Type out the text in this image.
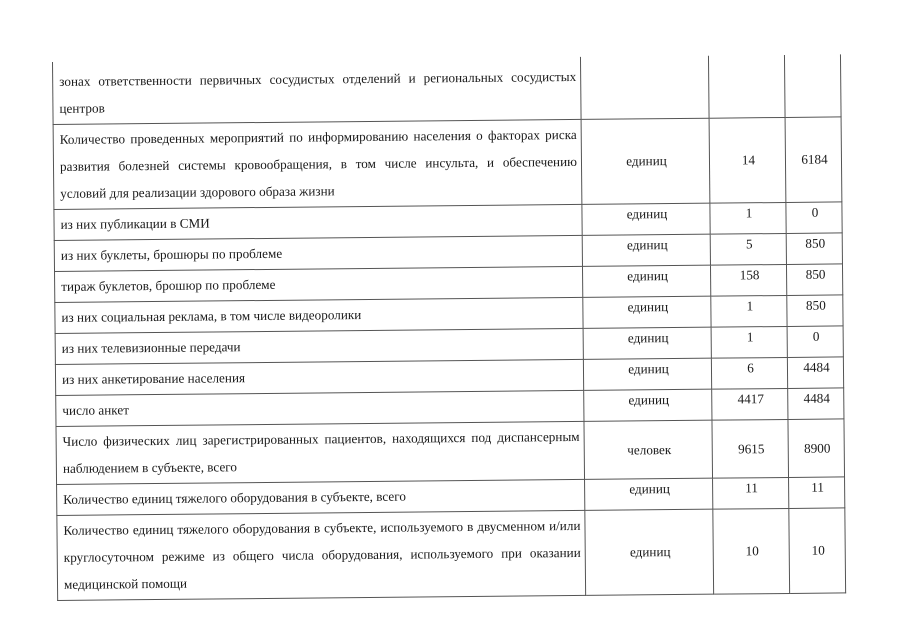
зонах ответственности первичных сосудистых отделений и региональных сосудистых центров			
Количество проведенных мероприятий по информированию населения о факторах риска развития болезней системы кровообращения, в том числе инсульта, и обеспечению условий для реализации здорового образа жизни	единиц	14	6184
из них публикации в СМИ	единиц	1	0
из них буклеты, брошюры по проблеме	единиц	5	850
тираж буклетов, брошюр по проблеме	единиц	158	850
из них социальная реклама, в том числе видеоролики	единиц	1	850
из них телевизионные передачи	единиц	1	0
из них анкетирование населения	единиц	6	4484
число анкет	единиц	4417	4484
Число физических лиц зарегистрированных пациентов, находящихся под диспансерным наблюдением в субъекте, всего	человек	9615	8900
Количество единиц тяжелого оборудования в субъекте, всего	единиц	11	11
Количество единиц тяжелого оборудования в субъекте, используемого в двусменном и/или круглосуточном режиме из общего числа оборудования, используемого при оказании медицинской помощи	единиц	10	10
